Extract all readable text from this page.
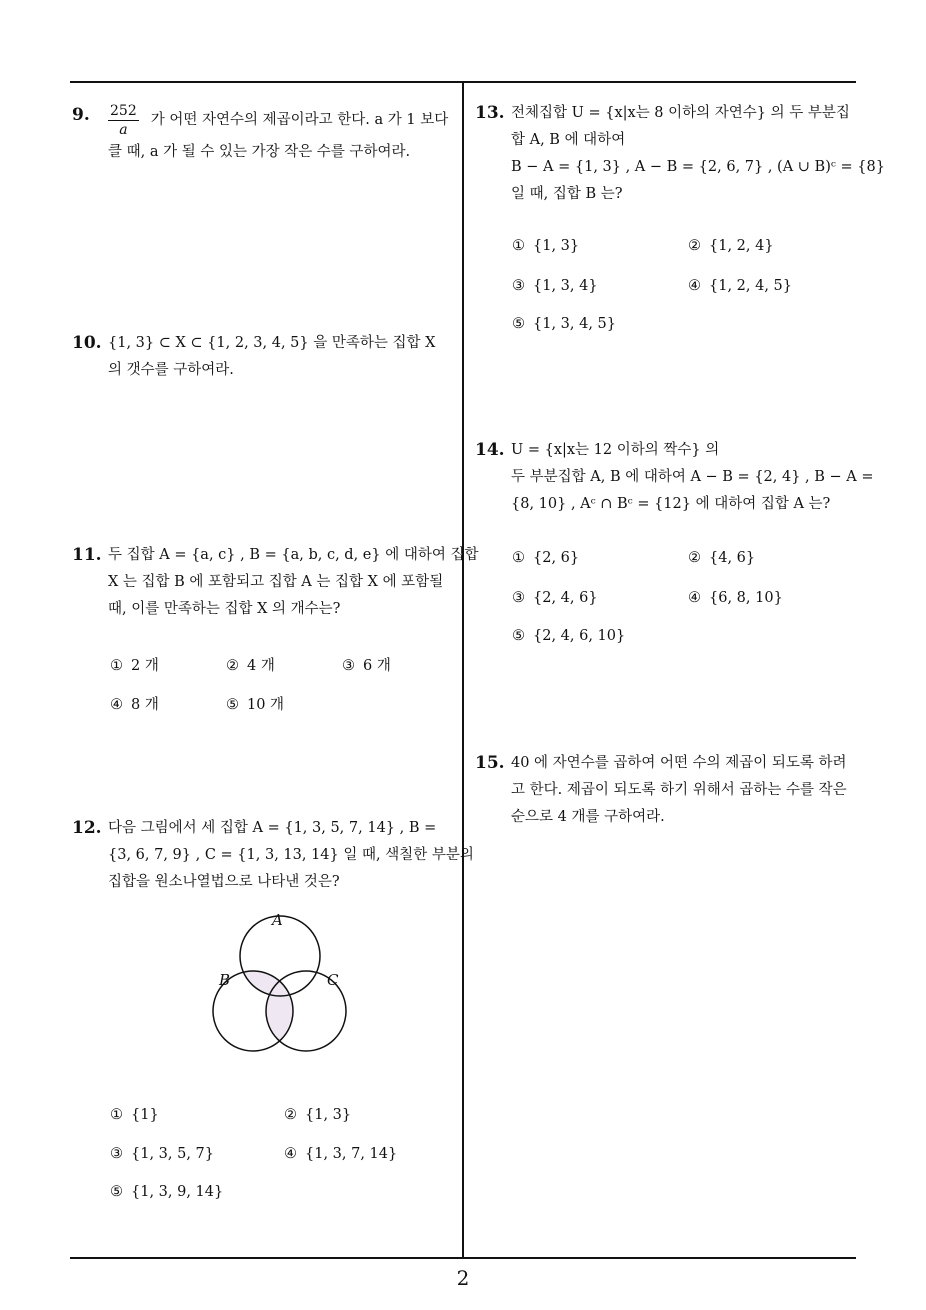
9. $\frac{252}{a}$ 가 어떤 자연수의 제곱이라고 한다. a 가 1 보다
클 때, a 가 될 수 있는 가장 작은 수를 구하여라.
10. {1, 3} ⊂ X ⊂ {1, 2, 3, 4, 5} 을 만족하는 집합 X
의 갯수를 구하여라.
11. 두 집합 A = {a, c} , B = {a, b, c, d, e} 에 대하여 집합
X 는 집합 B 에 포함되고 집합 A 는 집합 X 에 포함될
때, 이를 만족하는 집합 X 의 개수는?
① 2 개	② 4 개	③ 6 개
④ 8 개	⑤ 10 개
12. 다음 그림에서 세 집합 A = {1, 3, 5, 7, 14} , B =
{3, 6, 7, 9} , C = {1, 3, 13, 14} 일 때, 색칠한 부분의
집합을 원소나열법으로 나타낸 것은?
A
B	C
① {1}	② {1, 3}
③ {1, 3, 5, 7}	④ {1, 3, 7, 14}
⑤ {1, 3, 9, 14}
13. 전체집합 U = {x|x는 8 이하의 자연수} 의 두 부분집
합 A, B 에 대하여
B − A = {1, 3} , A − B = {2, 6, 7} , (A ∪ B)ᶜ = {8}
일 때, 집합 B 는?
① {1, 3}	② {1, 2, 4}
③ {1, 3, 4}	④ {1, 2, 4, 5}
⑤ {1, 3, 4, 5}
14. U = {x|x는 12 이하의 짝수} 의
두 부분집합 A, B 에 대하여 A − B = {2, 4} , B − A =
{8, 10} , Aᶜ ∩ Bᶜ = {12} 에 대하여 집합 A 는?
① {2, 6}	② {4, 6}
③ {2, 4, 6}	④ {6, 8, 10}
⑤ {2, 4, 6, 10}
15. 40 에 자연수를 곱하여 어떤 수의 제곱이 되도록 하려
고 한다. 제곱이 되도록 하기 위해서 곱하는 수를 작은
순으로 4 개를 구하여라.
2
